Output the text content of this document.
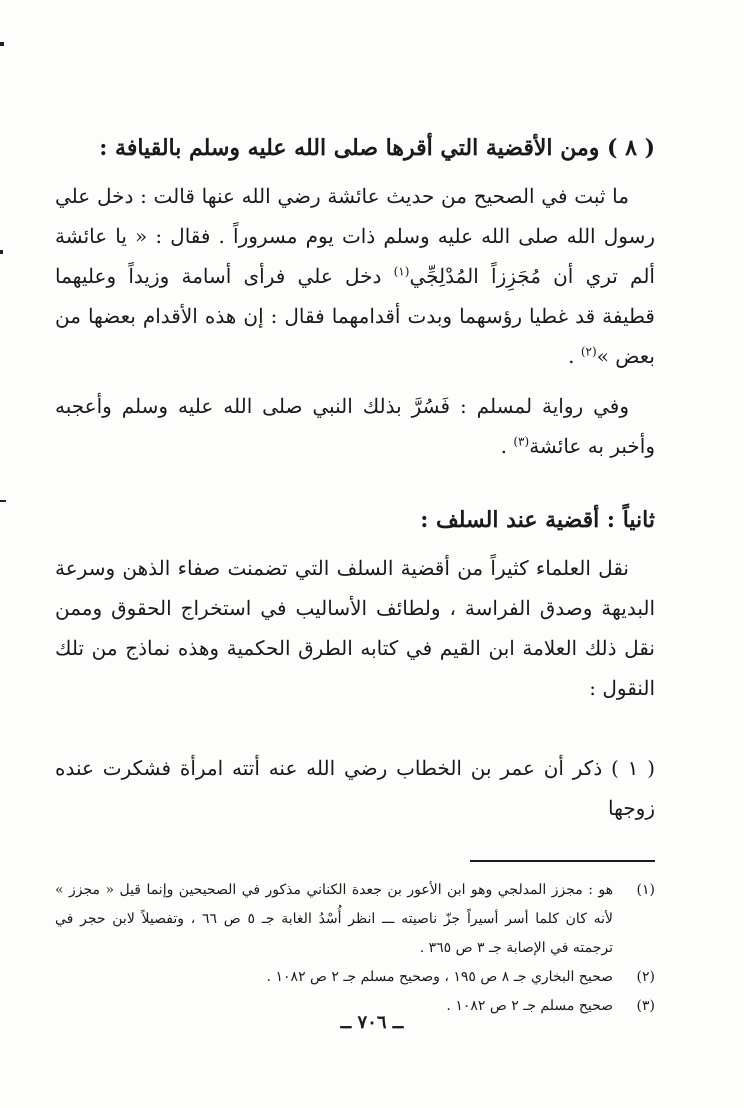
( ٨ ) ومن الأقضية التي أقرها صلى الله عليه وسلم بالقيافة :

ما ثبت في الصحيح من حديث عائشة رضي الله عنها قالت : دخل علي رسول الله صلى الله عليه وسلم ذات يوم مسروراً . فقال : « يا عائشة ألم تري أن مُجَزِزاً المُدْلِجِّي$^{(١)}$ دخل علي فرأى أسامة وزيداً وعليهما قطيفة قد غطيا رؤسهما وبدت أقدامهما فقال : إن هذه الأقدام بعضها من بعض »$^{(٢)}$ .

وفي رواية لمسلم : فَسُرَّ بذلك النبي صلى الله عليه وسلم وأعجبه وأخبر به عائشة$^{(٣)}$ .

ثانياً : أقضية عند السلف :

نقل العلماء كثيراً من أقضية السلف التي تضمنت صفاء الذهن وسرعة البديهة وصدق الفراسة ، ولطائف الأساليب في استخراج الحقوق وممن نقل ذلك العلامة ابن القيم في كتابه الطرق الحكمية وهذه نماذج من تلك النقول :

( ١ ) ذكر أن عمر بن الخطاب رضي الله عنه أتته امرأة فشكرت عنده زوجها

(١)
هو : مجزز المدلجي وهو ابن الأعور بن جعدة الكناني مذكور في الصحيحين وإنما قيل « مجزز » لأنه كان كلما أسر أسيراً جزّ ناصيته ـــ انظر أُسْدُ الغابة جـ ٥ ص ٦٦ ، وتفصيلاً لابن حجر في ترجمته في الإصابة جـ ٣ ص ٣٦٥ .
(٢)
صحيح البخاري جـ ٨ ص ١٩٥ ، وصحيح مسلم جـ ٢ ص ١٠٨٢ .
(٣)
صحيح مسلم جـ ٢ ص ١٠٨٢ .
ــ ٧٠٦ ــ
